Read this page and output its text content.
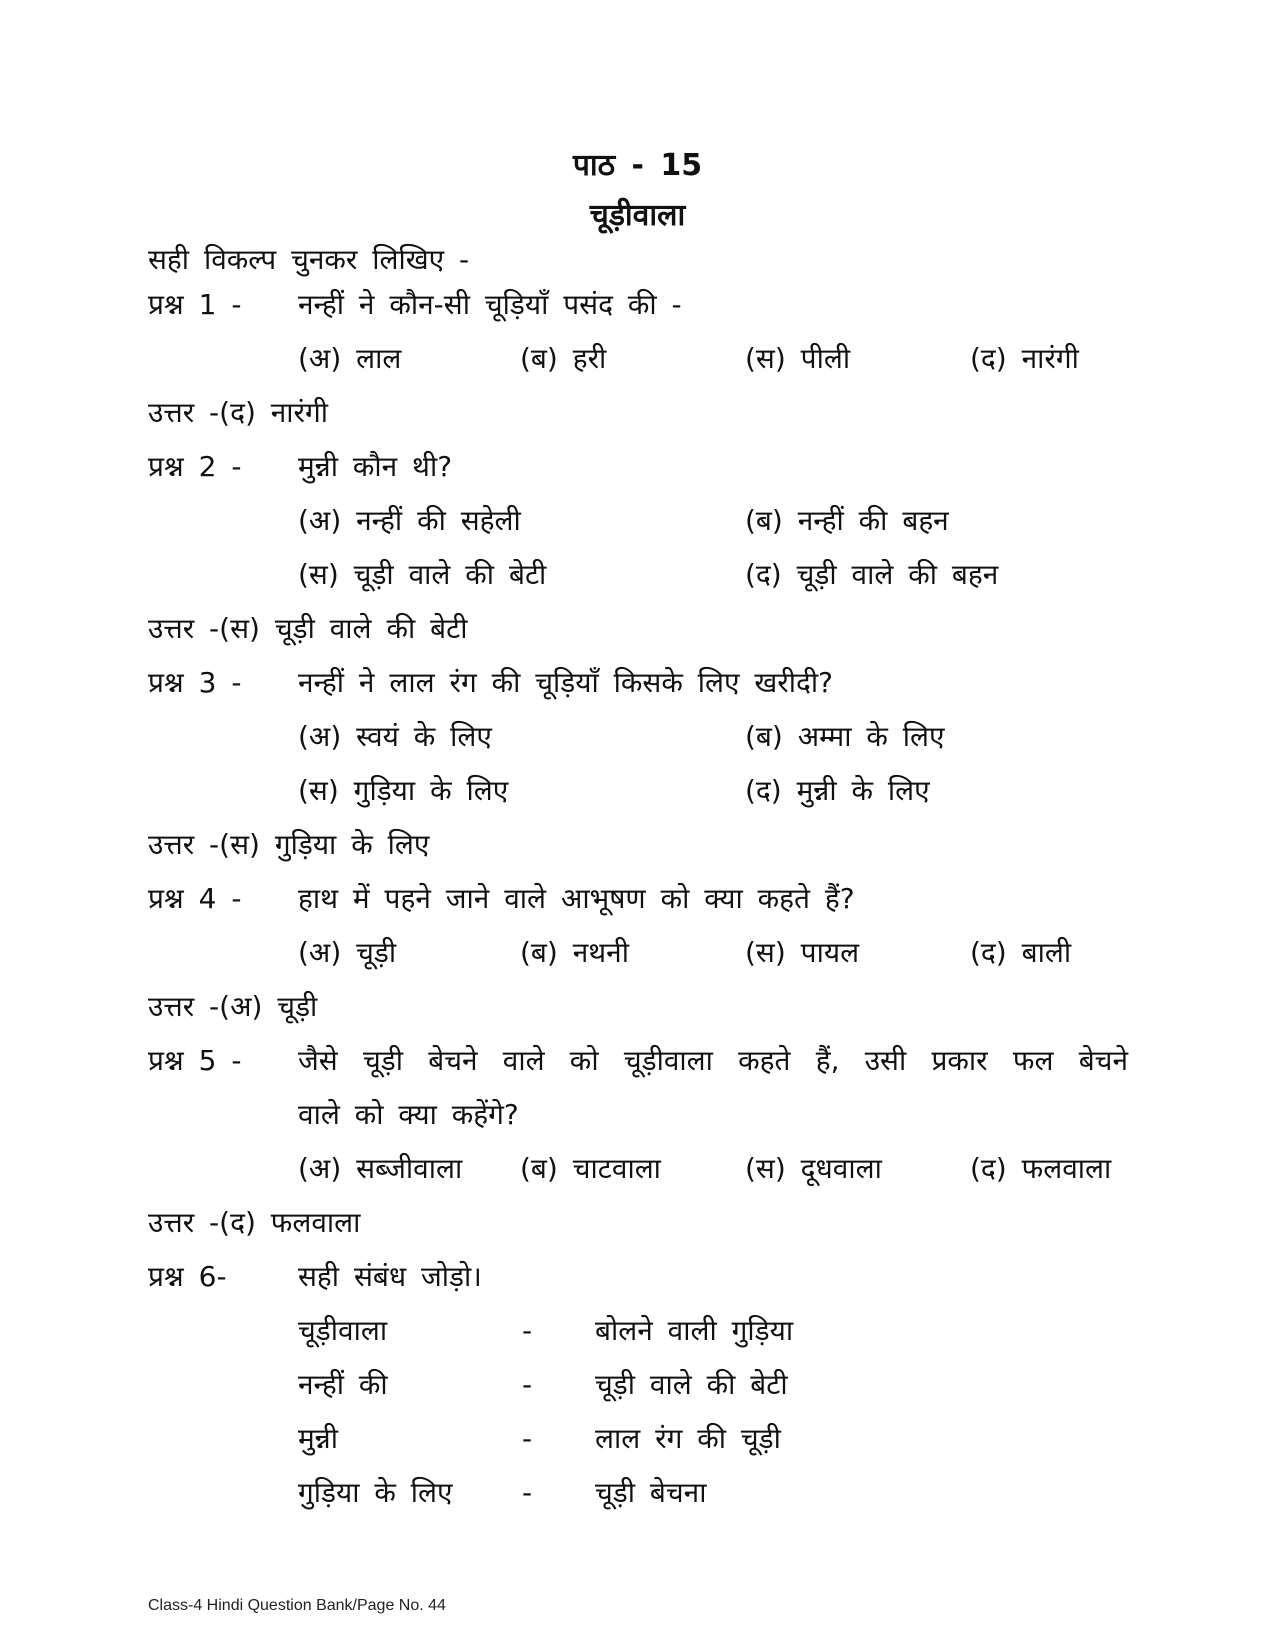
पाठ - 15
चूड़ीवाला
सही विकल्प चुनकर लिखिए -
प्रश्न 1 - नन्हीं ने कौन-सी चूड़ियाँ पसंद की -
(अ) लाल	(ब) हरी	(स) पीली	(द) नारंगी
उत्तर -(द) नारंगी
प्रश्न 2 - मुन्नी कौन थी?
(अ) नन्हीं की सहेली	(ब) नन्हीं की बहन
(स) चूड़ी वाले की बेटी	(द) चूड़ी वाले की बहन
उत्तर -(स) चूड़ी वाले की बेटी
प्रश्न 3 - नन्हीं ने लाल रंग की चूड़ियाँ किसके लिए खरीदी?
(अ) स्वयं के लिए	(ब) अम्मा के लिए
(स) गुड़िया के लिए	(द) मुन्नी के लिए
उत्तर -(स) गुड़िया के लिए
प्रश्न 4 - हाथ में पहने जाने वाले आभूषण को क्या कहते हैं?
(अ) चूड़ी	(ब) नथनी	(स) पायल	(द) बाली
उत्तर -(अ) चूड़ी
प्रश्न 5 - जैसे चूड़ी बेचने वाले को चूड़ीवाला कहते हैं, उसी प्रकार फल बेचने
वाले को क्या कहेंगे?
(अ) सब्जीवाला (ब) चाटवाला	(स) दूधवाला	(द) फलवाला
उत्तर -(द) फलवाला
प्रश्न 6-	सही संबंध जोड़ो।
चूड़ीवाला	- बोलने वाली गुड़िया
नन्हीं की	- चूड़ी वाले की बेटी
मुन्नी	- लाल रंग की चूड़ी
गुड़िया के लिए - चूड़ी बेचना
Class-4 Hindi Question Bank/Page No. 44
